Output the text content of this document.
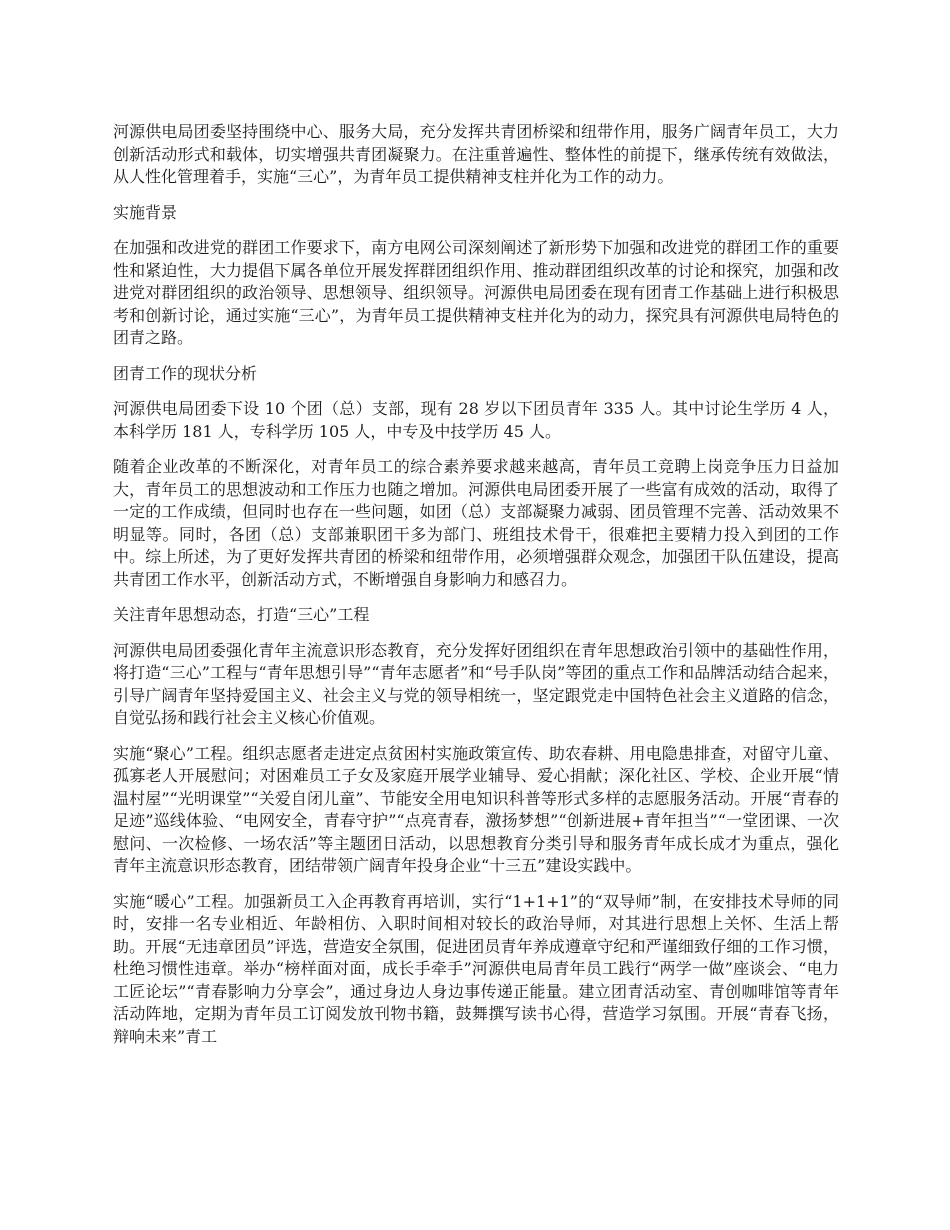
河源供电局团委坚持围绕中心、服务大局，充分发挥共青团桥梁和纽带作用，服务广阔青年员工，大力创新活动形式和载体，切实增强共青团凝聚力。在注重普遍性、整体性的前提下，继承传统有效做法，从人性化管理着手，实施“三心”，为青年员工提供精神支柱并化为工作的动力。

实施背景

在加强和改进党的群团工作要求下，南方电网公司深刻阐述了新形势下加强和改进党的群团工作的重要性和紧迫性，大力提倡下属各单位开展发挥群团组织作用、推动群团组织改革的讨论和探究，加强和改进党对群团组织的政治领导、思想领导、组织领导。河源供电局团委在现有团青工作基础上进行积极思考和创新讨论，通过实施“三心”，为青年员工提供精神支柱并化为的动力，探究具有河源供电局特色的团青之路。

团青工作的现状分析

河源供电局团委下设 10 个团（总）支部，现有 28 岁以下团员青年 335 人。其中讨论生学历 4 人，本科学历 181 人，专科学历 105 人，中专及中技学历 45 人。

随着企业改革的不断深化，对青年员工的综合素养要求越来越高，青年员工竞聘上岗竞争压力日益加大，青年员工的思想波动和工作压力也随之增加。河源供电局团委开展了一些富有成效的活动，取得了一定的工作成绩，但同时也存在一些问题，如团（总）支部凝聚力减弱、团员管理不完善、活动效果不明显等。同时，各团（总）支部兼职团干多为部门、班组技术骨干，很难把主要精力投入到团的工作中。综上所述，为了更好发挥共青团的桥梁和纽带作用，必须增强群众观念，加强团干队伍建设，提高共青团工作水平，创新活动方式，不断增强自身影响力和感召力。

关注青年思想动态，打造“三心”工程

河源供电局团委强化青年主流意识形态教育，充分发挥好团组织在青年思想政治引领中的基础性作用，将打造“三心”工程与“青年思想引导”“青年志愿者”和“号手队岗”等团的重点工作和品牌活动结合起来，引导广阔青年坚持爱国主义、社会主义与党的领导相统一，坚定跟党走中国特色社会主义道路的信念，自觉弘扬和践行社会主义核心价值观。

实施“聚心”工程。组织志愿者走进定点贫困村实施政策宣传、助农春耕、用电隐患排查，对留守儿童、孤寡老人开展慰问；对困难员工子女及家庭开展学业辅导、爱心捐献；深化社区、学校、企业开展“情温村屋”“光明课堂”“关爱自闭儿童”、节能安全用电知识科普等形式多样的志愿服务活动。开展“青春的足迹”巡线体验、“电网安全，青春守护”“点亮青春，激扬梦想”“创新进展+青年担当”“一堂团课、一次慰问、一次检修、一场农活”等主题团日活动，以思想教育分类引导和服务青年成长成才为重点，强化青年主流意识形态教育，团结带领广阔青年投身企业“十三五”建设实践中。

实施“暖心”工程。加强新员工入企再教育再培训，实行“1+1+1”的“双导师”制，在安排技术导师的同时，安排一名专业相近、年龄相仿、入职时间相对较长的政治导师，对其进行思想上关怀、生活上帮助。开展“无违章团员”评选，营造安全氛围，促进团员青年养成遵章守纪和严谨细致仔细的工作习惯，杜绝习惯性违章。举办“榜样面对面，成长手牵手”河源供电局青年员工践行“两学一做”座谈会、“电力工匠论坛”“青春影响力分享会”，通过身边人身边事传递正能量。建立团青活动室、青创咖啡馆等青年活动阵地，定期为青年员工订阅发放刊物书籍，鼓舞撰写读书心得，营造学习氛围。开展“青春飞扬，辩响未来”青工
